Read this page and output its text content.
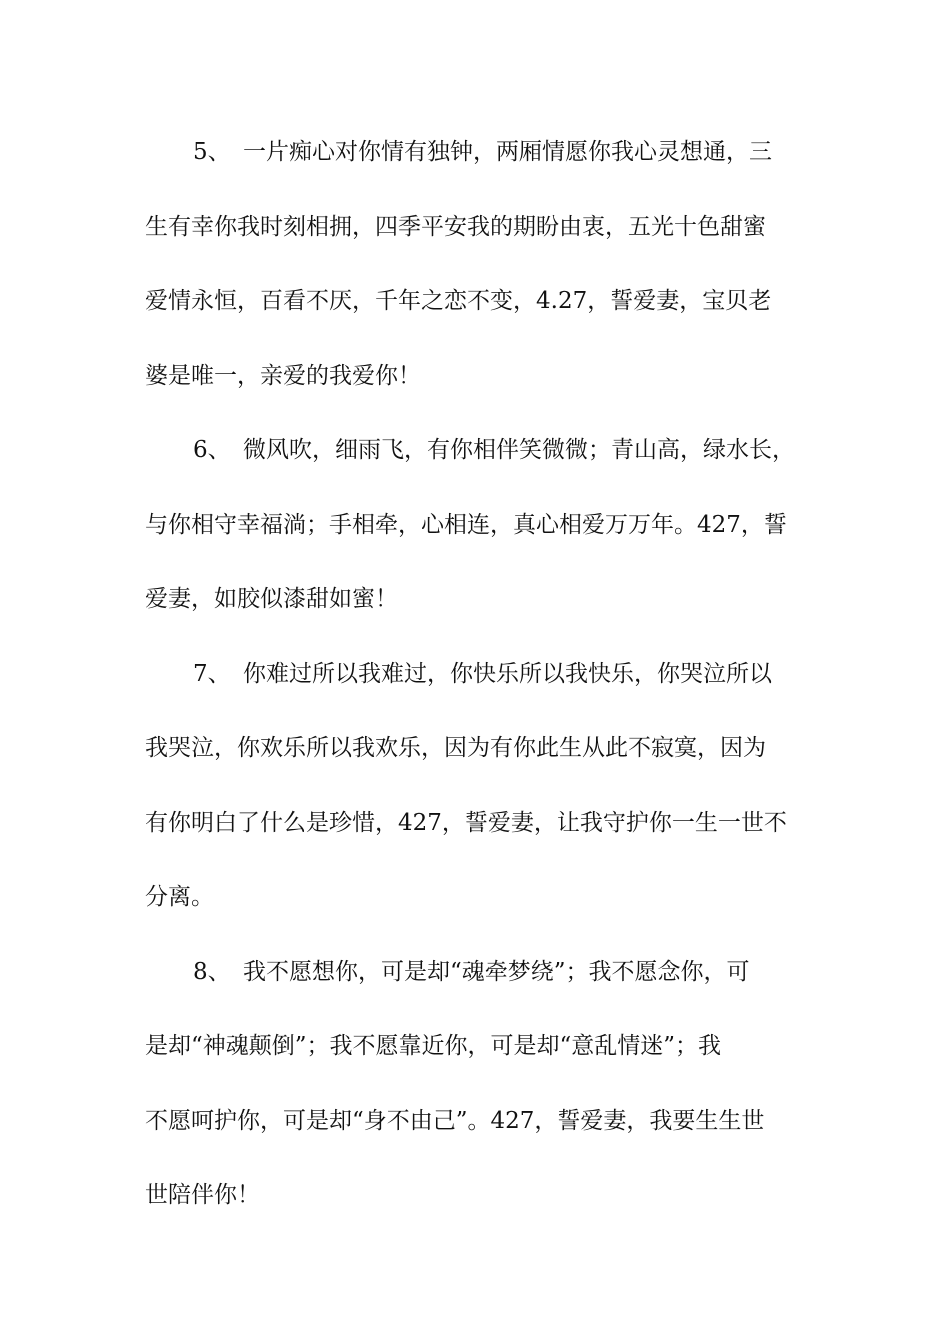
5、 一片痴心对你情有独钟，两厢情愿你我心灵想通，三
生有幸你我时刻相拥，四季平安我的期盼由衷，五光十色甜蜜
爱情永恒，百看不厌，千年之恋不变，4.27，誓爱妻，宝贝老
婆是唯一，亲爱的我爱你！
6、 微风吹，细雨飞，有你相伴笑微微；青山高，绿水长，
与你相守幸福淌；手相牵，心相连，真心相爱万万年。427，誓
爱妻，如胶似漆甜如蜜！
7、 你难过所以我难过，你快乐所以我快乐，你哭泣所以
我哭泣，你欢乐所以我欢乐，因为有你此生从此不寂寞，因为
有你明白了什么是珍惜，427，誓爱妻，让我守护你一生一世不
分离。
8、 我不愿想你，可是却“魂牵梦绕”；我不愿念你，可
是却“神魂颠倒”；我不愿靠近你，可是却“意乱情迷”；我
不愿呵护你，可是却“身不由己”。427，誓爱妻，我要生生世
世陪伴你！
